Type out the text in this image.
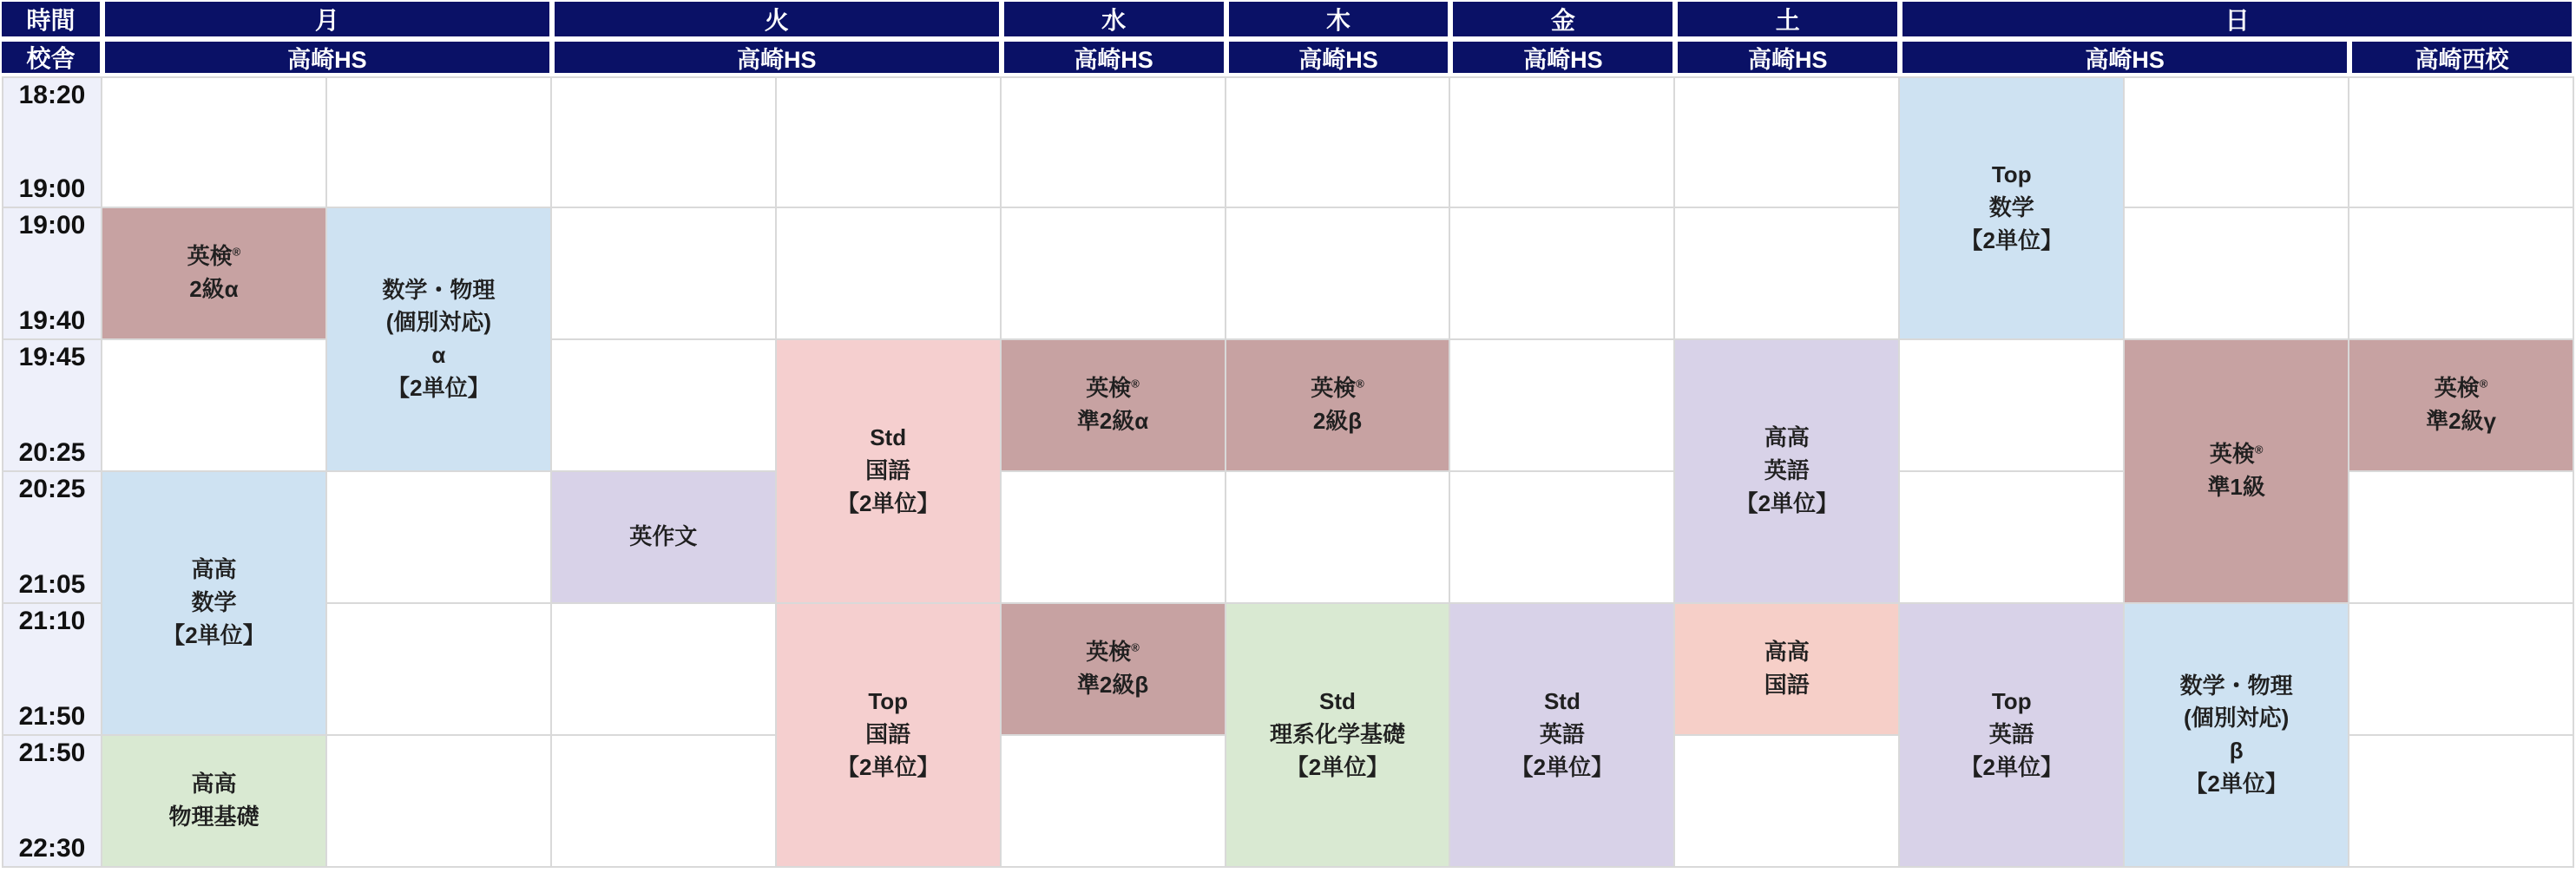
時間
校舎
月
高崎HS
火
高崎HS
水
高崎HS
木
高崎HS
金
高崎HS
土
高崎HS
日
高崎HS	高崎西校
18:20
19:00
19:00
19:40
19:45
20:25
20:25
21:05
21:10
21:50
21:50
22:30
英検®
2級α
高高
数学
【2単位】
高高
物理基礎
数学・物理
(個別対応)
α
【2単位】
英作文
Std
国語
【2単位】
Top
国語
【2単位】
英検®
準2級α
英検®
準2級β
英検®
2級β
Std
理系化学基礎
【2単位】
Std
英語
【2単位】
高高
英語
【2単位】
高高
国語
Top
数学
【2単位】
Top
英語
【2単位】
英検®
準1級
数学・物理
(個別対応)
β
【2単位】
英検®
準2級γ
